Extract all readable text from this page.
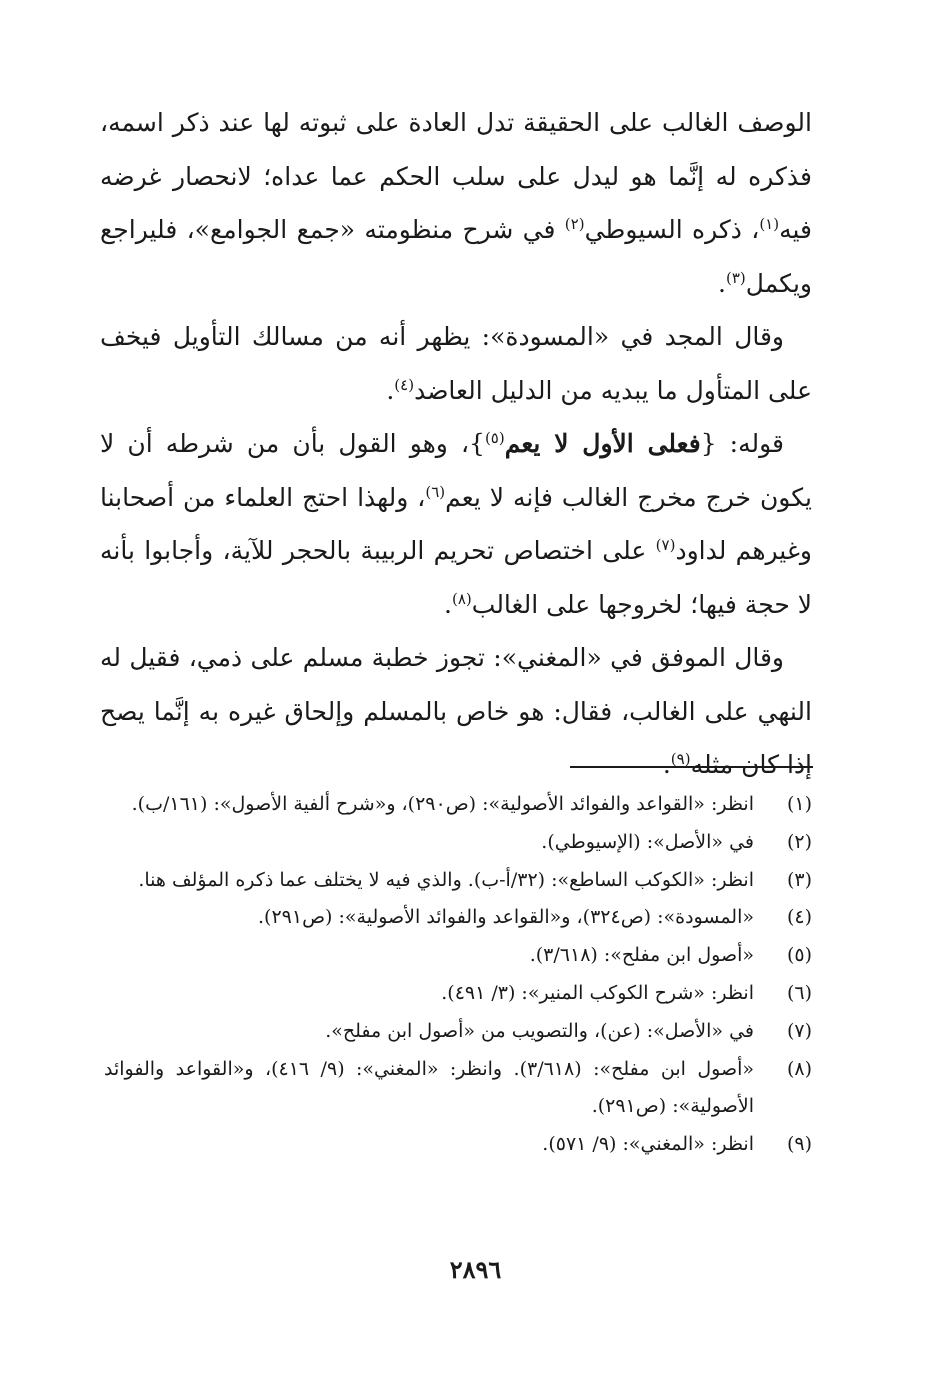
الوصف الغالب على الحقيقة تدل العادة على ثبوته لها عند ذكر اسمه، فذكره له إنَّما هو ليدل على سلب الحكم عما عداه؛ لانحصار غرضه فيه$^{(١)}$، ذكره السيوطي$^{(٢)}$ في شرح منظومته «جمع الجوامع»، فليراجع ويكمل$^{(٣)}$.

وقال المجد في «المسودة»: يظهر أنه من مسالك التأويل فيخف على المتأول ما يبديه من الدليل العاضد$^{(٤)}$.

قوله: {فعلى الأول لا يعم$^{(٥)}$}، وهو القول بأن من شرطه أن لا يكون خرج مخرج الغالب فإنه لا يعم$^{(٦)}$، ولهذا احتج العلماء من أصحابنا وغيرهم لداود$^{(٧)}$ على اختصاص تحريم الربيبة بالحجر للآية، وأجابوا بأنه لا حجة فيها؛ لخروجها على الغالب$^{(٨)}$.

وقال الموفق في «المغني»: تجوز خطبة مسلم على ذمي، فقيل له النهي على الغالب، فقال: هو خاص بالمسلم وإلحاق غيره به إنَّما يصح إذا كان مثله$^{(٩)}$.

(١)
انظر: «القواعد والفوائد الأصولية»: (ص٢٩٠)، و«شرح ألفية الأصول»: (١٦١/ب).
(٢)
في «الأصل»: (الإسيوطي).
(٣)
انظر: «الكوكب الساطع»: (٣٢/أ-ب). والذي فيه لا يختلف عما ذكره المؤلف هنا.
(٤)
«المسودة»: (ص٣٢٤)، و«القواعد والفوائد الأصولية»: (ص٢٩١).
(٥)
«أصول ابن مفلح»: (٣/٦١٨).
(٦)
انظر: «شرح الكوكب المنير»: (٣/ ٤٩١).
(٧)
في «الأصل»: (عن)، والتصويب من «أصول ابن مفلح».
(٨)
«أصول ابن مفلح»: (٣/٦١٨). وانظر: «المغني»: (٩/ ٤١٦)، و«القواعد والفوائد الأصولية»: (ص٢٩١).
(٩)
انظر: «المغني»: (٩/ ٥٧١).
٢٨٩٦
